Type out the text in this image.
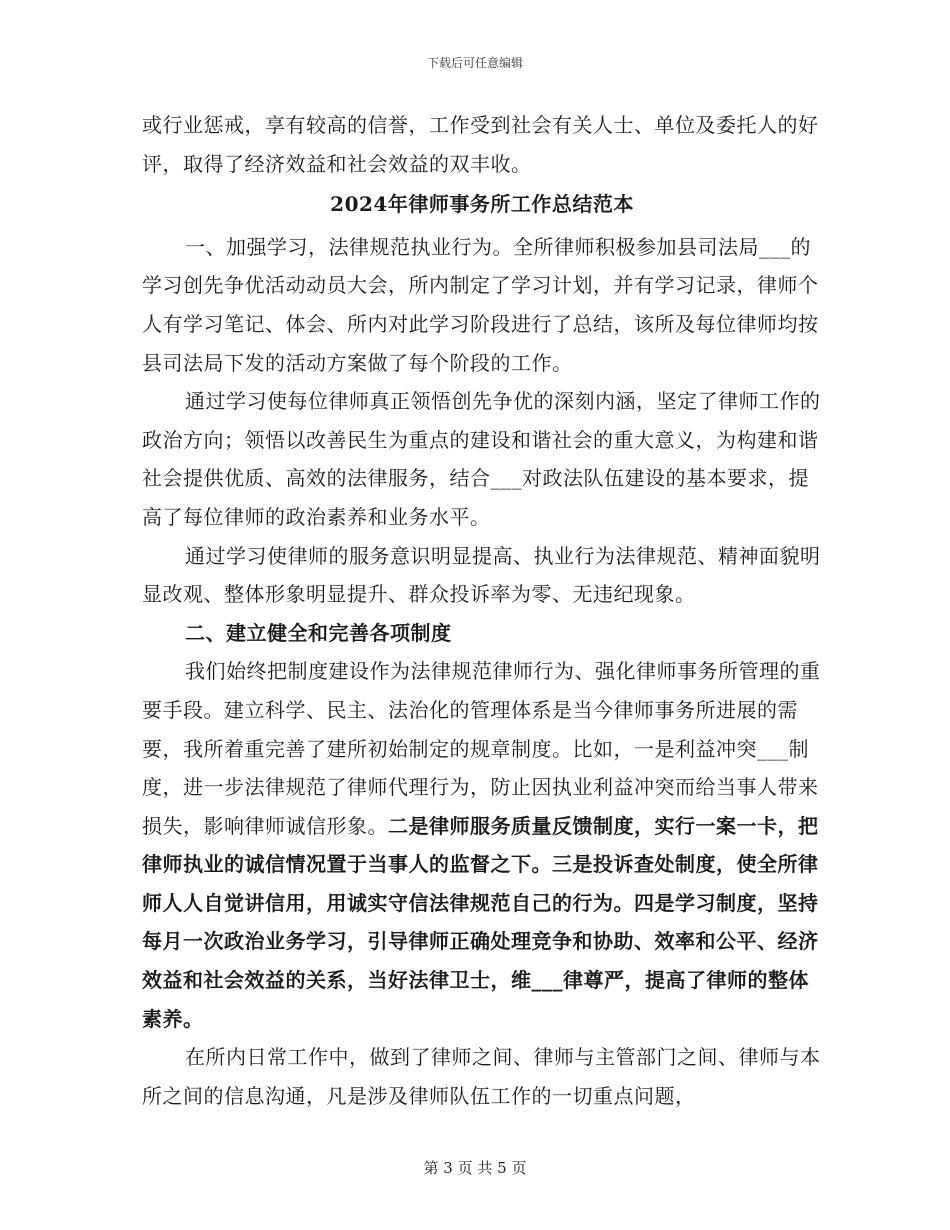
下载后可任意编辑

或行业惩戒，享有较高的信誉，工作受到社会有关人士、单位及委托人的好评，取得了经济效益和社会效益的双丰收。

2024年律师事务所工作总结范本

一、加强学习，法律规范执业行为。全所律师积极参加县司法局___的学习创先争优活动动员大会，所内制定了学习计划，并有学习记录，律师个人有学习笔记、体会、所内对此学习阶段进行了总结，该所及每位律师均按县司法局下发的活动方案做了每个阶段的工作。

通过学习使每位律师真正领悟创先争优的深刻内涵，坚定了律师工作的政治方向；领悟以改善民生为重点的建设和谐社会的重大意义，为构建和谐社会提供优质、高效的法律服务，结合___对政法队伍建设的基本要求，提高了每位律师的政治素养和业务水平。

通过学习使律师的服务意识明显提高、执业行为法律规范、精神面貌明显改观、整体形象明显提升、群众投诉率为零、无违纪现象。

二、建立健全和完善各项制度

我们始终把制度建设作为法律规范律师行为、强化律师事务所管理的重要手段。建立科学、民主、法治化的管理体系是当今律师事务所进展的需要，我所着重完善了建所初始制定的规章制度。比如，一是利益冲突___制度，进一步法律规范了律师代理行为，防止因执业利益冲突而给当事人带来损失，影响律师诚信形象。二是律师服务质量反馈制度，实行一案一卡，把律师执业的诚信情况置于当事人的监督之下。三是投诉查处制度，使全所律师人人自觉讲信用，用诚实守信法律规范自己的行为。四是学习制度，坚持每月一次政治业务学习，引导律师正确处理竞争和协助、效率和公平、经济效益和社会效益的关系，当好法律卫士，维___律尊严，提高了律师的整体素养。

在所内日常工作中，做到了律师之间、律师与主管部门之间、律师与本所之间的信息沟通，凡是涉及律师队伍工作的一切重点问题，

第 3 页 共 5 页
